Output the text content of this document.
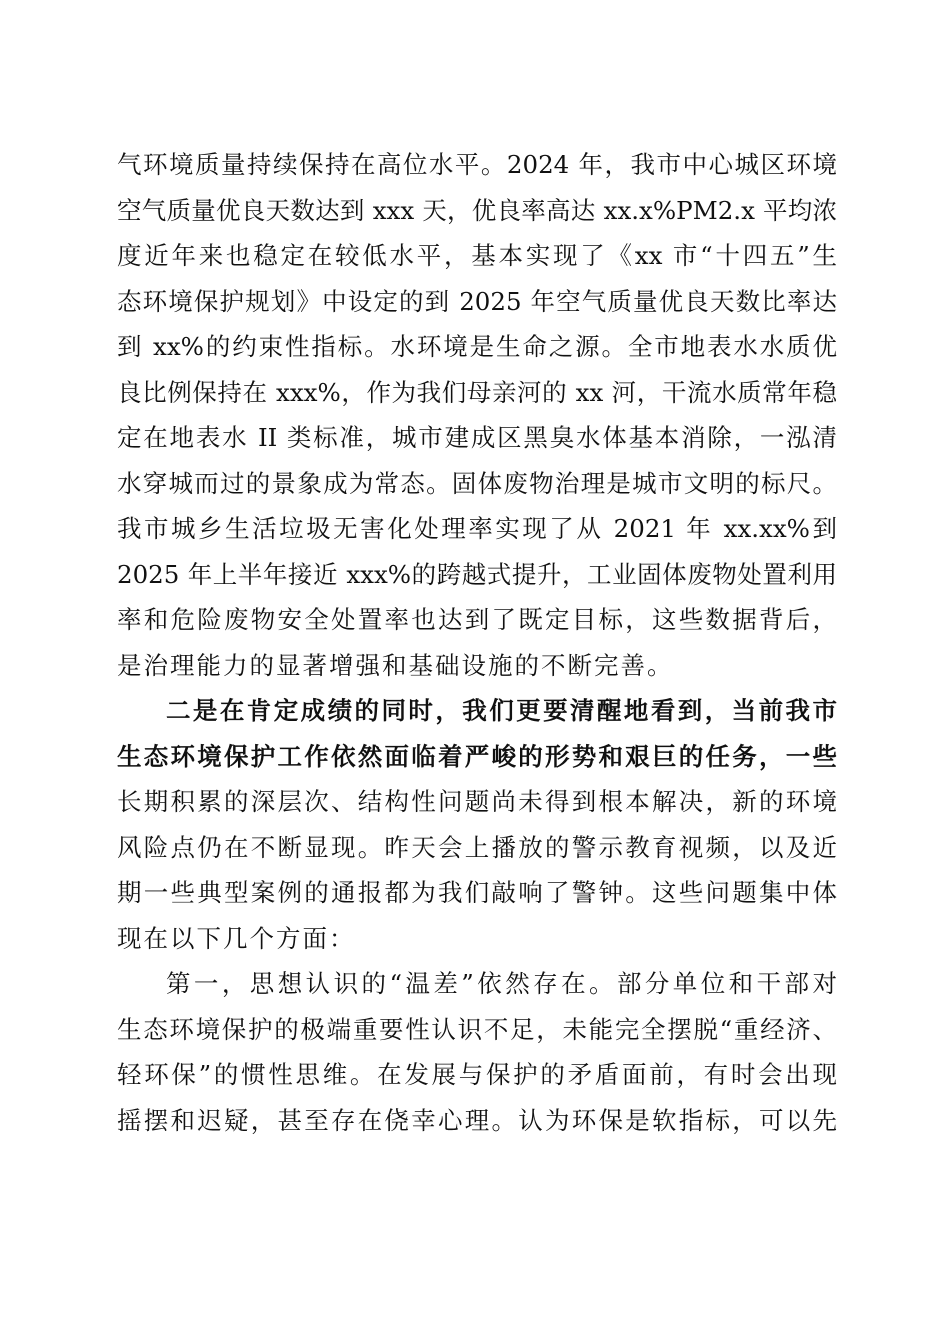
气环境质量持续保持在高位水平。2024 年，我市中心城区环境
空气质量优良天数达到 xxx 天，优良率高达 xx.x%PM2.x 平均浓
度近年来也稳定在较低水平，基本实现了《xx 市“十四五”生
态环境保护规划》中设定的到 2025 年空气质量优良天数比率达
到 xx%的约束性指标。水环境是生命之源。全市地表水水质优
良比例保持在 xxx%，作为我们母亲河的 xx 河，干流水质常年稳
定在地表水 II 类标准，城市建成区黑臭水体基本消除，一泓清
水穿城而过的景象成为常态。固体废物治理是城市文明的标尺。
我市城乡生活垃圾无害化处理率实现了从 2021 年 xx.xx%到
2025 年上半年接近 xxx%的跨越式提升，工业固体废物处置利用
率和危险废物安全处置率也达到了既定目标，这些数据背后，
是治理能力的显著增强和基础设施的不断完善。
二是在肯定成绩的同时，我们更要清醒地看到，当前我市
生态环境保护工作依然面临着严峻的形势和艰巨的任务，一些
长期积累的深层次、结构性问题尚未得到根本解决，新的环境
风险点仍在不断显现。昨天会上播放的警示教育视频，以及近
期一些典型案例的通报都为我们敲响了警钟。这些问题集中体
现在以下几个方面：
第一，思想认识的“温差”依然存在。部分单位和干部对
生态环境保护的极端重要性认识不足，未能完全摆脱“重经济、
轻环保”的惯性思维。在发展与保护的矛盾面前，有时会出现
摇摆和迟疑，甚至存在侥幸心理。认为环保是软指标，可以先
